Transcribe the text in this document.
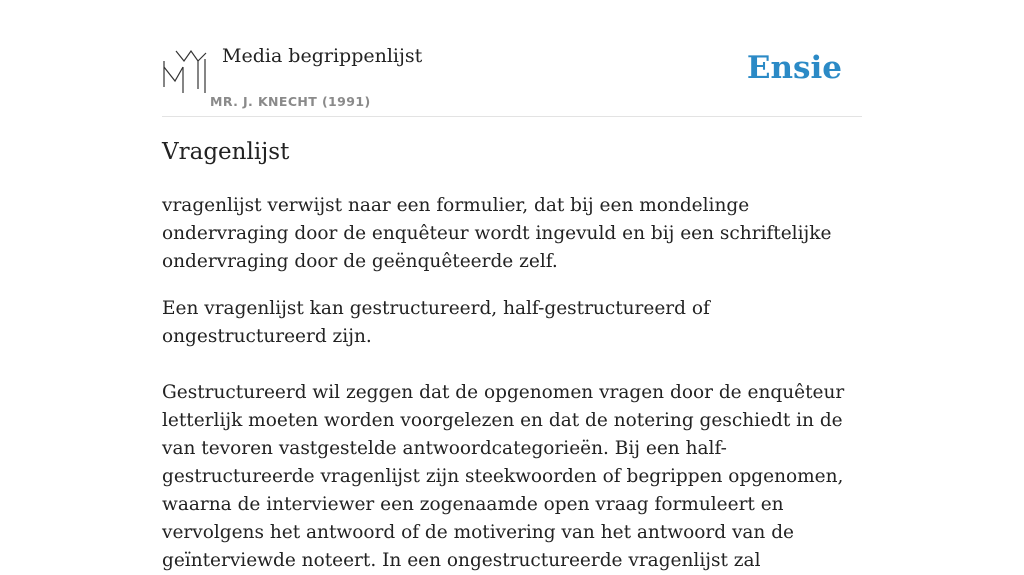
Media begrippenlijst
MR. J. KNECHT (1991)
Ensie
Vragenlijst

vragenlijst verwijst naar een formulier, dat bij een mondelinge ondervraging door de enquêteur wordt ingevuld en bij een schriftelijke ondervraging door de geënquêteerde zelf.

Een vragenlijst kan gestructureerd, half-gestructureerd of ongestructureerd zijn.

Gestructureerd wil zeggen dat de opgenomen vragen door de enquêteur letterlijk moeten worden voorgelezen en dat de notering geschiedt in de van tevoren vastgestelde antwoordcategorieën. Bij een half-gestructureerde vragenlijst zijn steekwoorden of begrippen opgenomen, waarna de interviewer een zogenaamde open vraag formuleert en vervolgens het antwoord of de motivering van het antwoord van de geïnterviewde noteert. In een ongestructureerde vragenlijst zal
